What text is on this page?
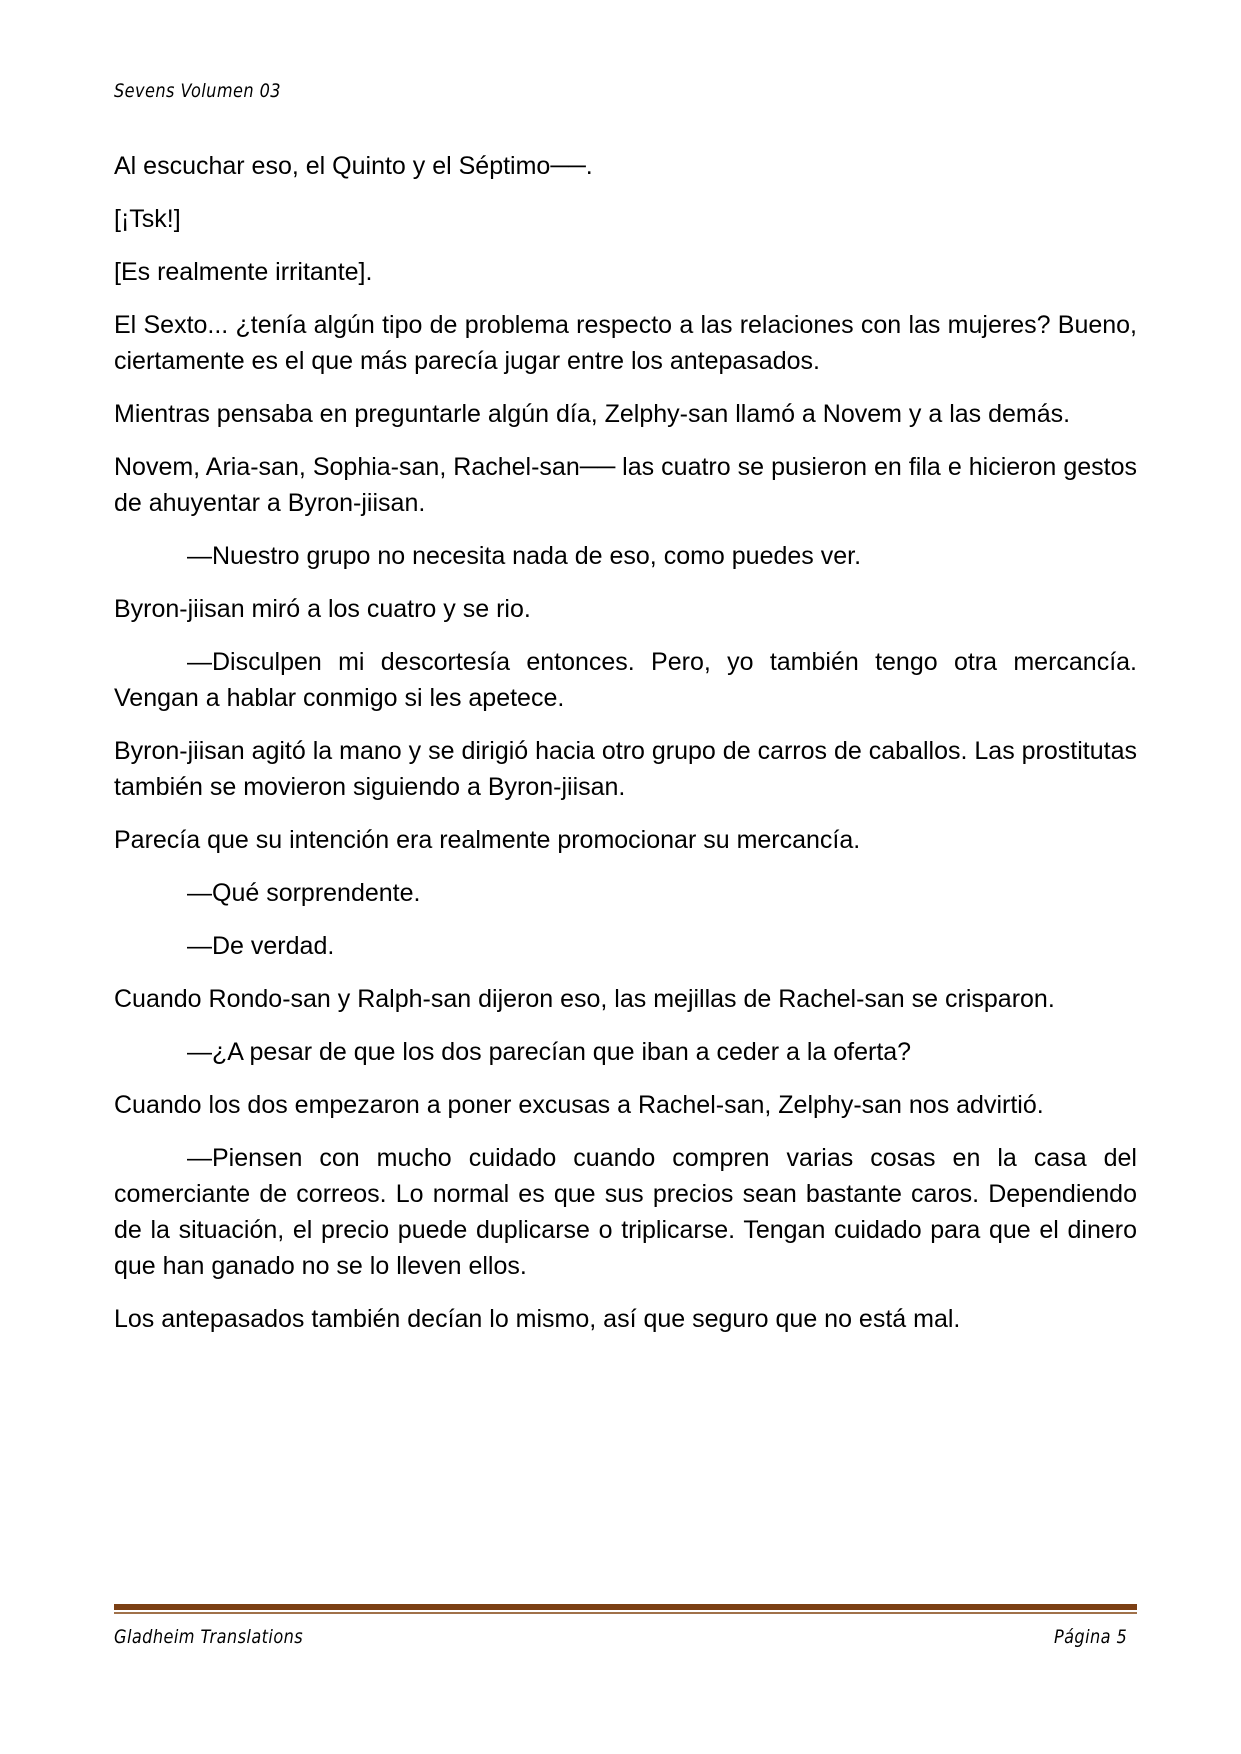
Sevens Volumen 03

Al escuchar eso, el Quinto y el Séptimo──.

[¡Tsk!]

[Es realmente irritante].

El Sexto... ¿tenía algún tipo de problema respecto a las relaciones con las mujeres? Bueno, ciertamente es el que más parecía jugar entre los antepasados.

Mientras pensaba en preguntarle algún día, Zelphy-san llamó a Novem y a las demás.

Novem, Aria-san, Sophia-san, Rachel-san── las cuatro se pusieron en fila e hicieron gestos de ahuyentar a Byron-jiisan.

—Nuestro grupo no necesita nada de eso, como puedes ver.

Byron-jiisan miró a los cuatro y se rio.

—Disculpen mi descortesía entonces. Pero, yo también tengo otra mercancía. Vengan a hablar conmigo si les apetece.

Byron-jiisan agitó la mano y se dirigió hacia otro grupo de carros de caballos. Las prostitutas también se movieron siguiendo a Byron-jiisan.

Parecía que su intención era realmente promocionar su mercancía.

—Qué sorprendente.

—De verdad.

Cuando Rondo-san y Ralph-san dijeron eso, las mejillas de Rachel-san se crisparon.

—¿A pesar de que los dos parecían que iban a ceder a la oferta?

Cuando los dos empezaron a poner excusas a Rachel-san, Zelphy-san nos advirtió.

—Piensen con mucho cuidado cuando compren varias cosas en la casa del comerciante de correos. Lo normal es que sus precios sean bastante caros. Dependiendo de la situación, el precio puede duplicarse o triplicarse. Tengan cuidado para que el dinero que han ganado no se lo lleven ellos.

Los antepasados también decían lo mismo, así que seguro que no está mal.

Gladheim Translations	Página 5
